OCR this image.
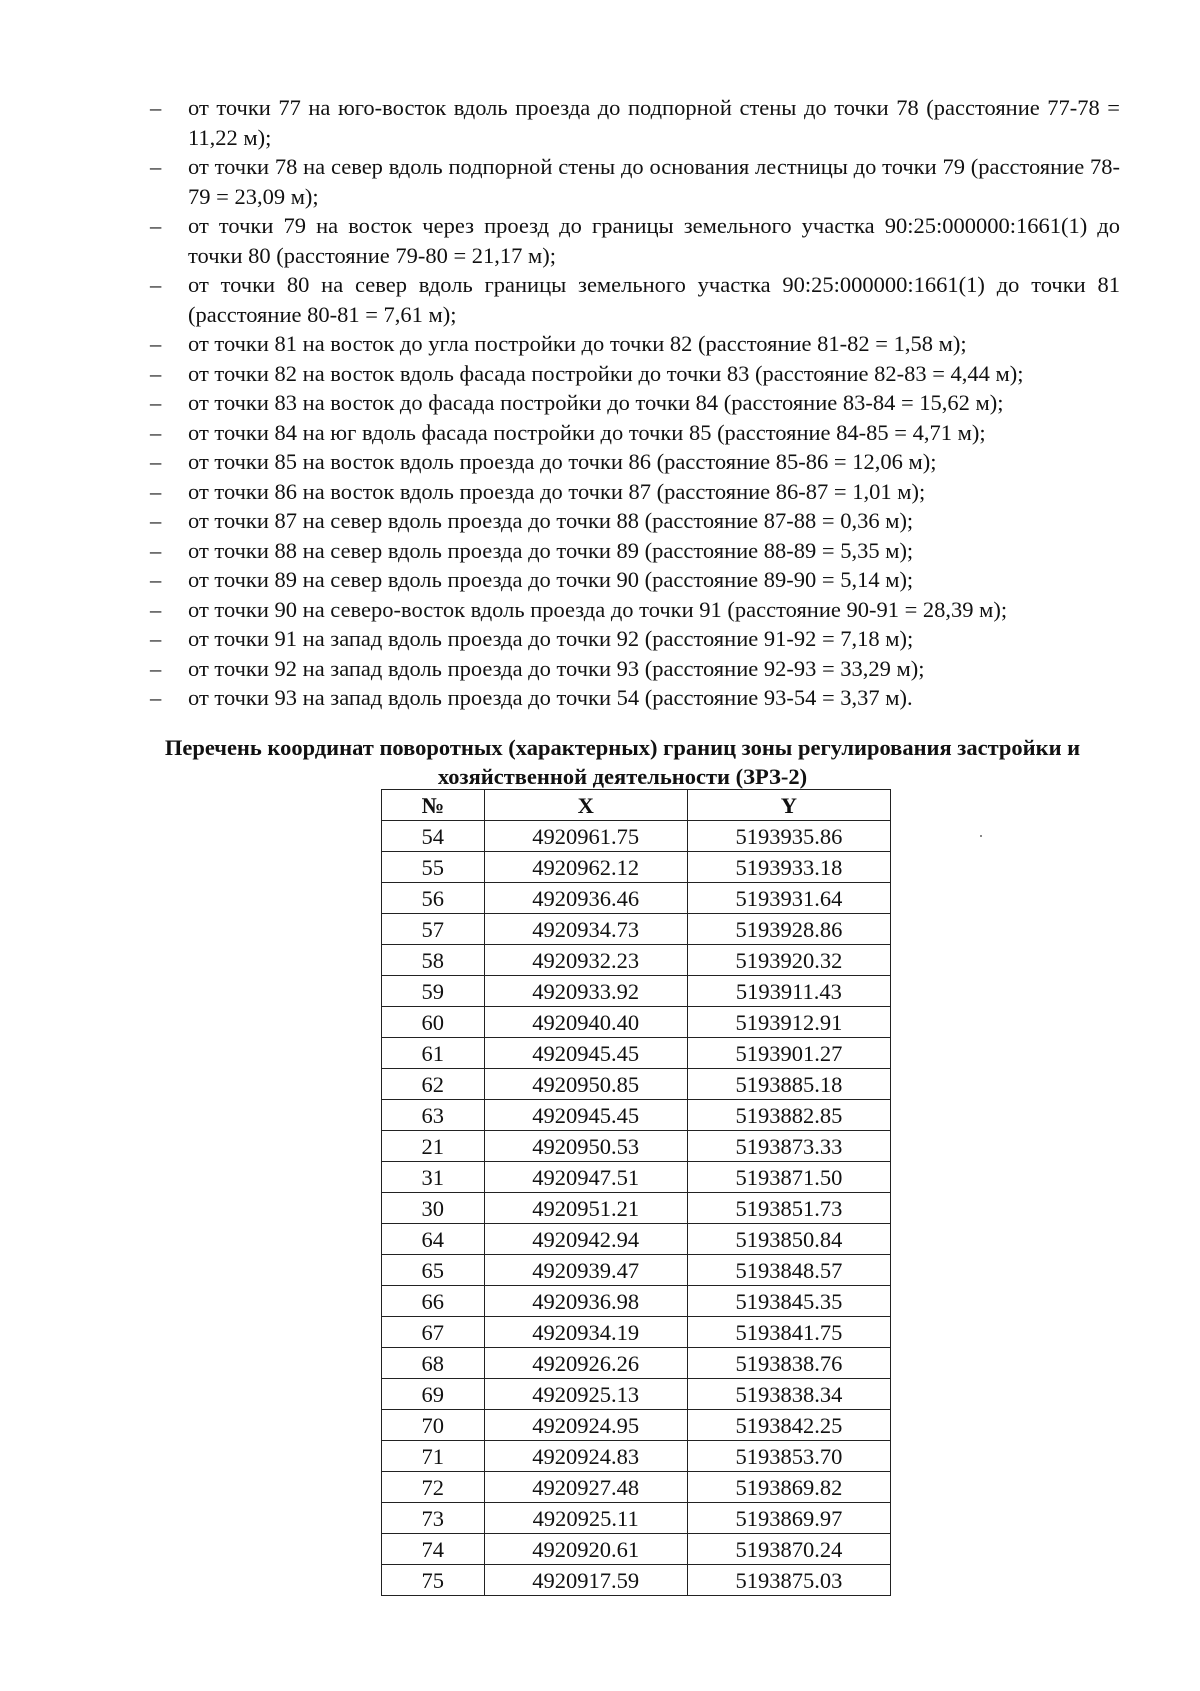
–	от точки 77 на юго-восток вдоль проезда до подпорной стены до точки 78 (расстояние 77-78 = 11,22 м);
–	от точки 78 на север вдоль подпорной стены до основания лестницы до точки 79 (расстояние 78-79 = 23,09 м);
–	от точки 79 на восток через проезд до границы земельного участка 90:25:000000:1661(1) до точки 80 (расстояние 79-80 = 21,17 м);
–	от точки 80 на север вдоль границы земельного участка 90:25:000000:1661(1) до точки 81 (расстояние 80-81 = 7,61 м);
–	от точки 81 на восток до угла постройки до точки 82 (расстояние 81-82 = 1,58 м);
–	от точки 82 на восток вдоль фасада постройки до точки 83 (расстояние 82-83 = 4,44 м);
–	от точки 83 на восток до фасада постройки до точки 84 (расстояние 83-84 = 15,62 м);
–	от точки 84 на юг вдоль фасада постройки до точки 85 (расстояние 84-85 = 4,71 м);
–	от точки 85 на восток вдоль проезда до точки 86 (расстояние 85-86 = 12,06 м);
–	от точки 86 на восток вдоль проезда до точки 87 (расстояние 86-87 = 1,01 м);
–	от точки 87 на север вдоль проезда до точки 88 (расстояние 87-88 = 0,36 м);
–	от точки 88 на север вдоль проезда до точки 89 (расстояние 88-89 = 5,35 м);
–	от точки 89 на север вдоль проезда до точки 90 (расстояние 89-90 = 5,14 м);
–	от точки 90 на северо-восток вдоль проезда до точки 91 (расстояние 90-91 = 28,39 м);
–	от точки 91 на запад вдоль проезда до точки 92 (расстояние 91-92 = 7,18 м);
–	от точки 92 на запад вдоль проезда до точки 93 (расстояние 92-93 = 33,29 м);
–	от точки 93 на запад вдоль проезда до точки 54 (расстояние 93-54 = 3,37 м).
Перечень координат поворотных (характерных) границ зоны регулирования застройки и хозяйственной деятельности (ЗРЗ-2)
№	X	Y
54	4920961.75	5193935.86
55	4920962.12	5193933.18
56	4920936.46	5193931.64
57	4920934.73	5193928.86
58	4920932.23	5193920.32
59	4920933.92	5193911.43
60	4920940.40	5193912.91
61	4920945.45	5193901.27
62	4920950.85	5193885.18
63	4920945.45	5193882.85
21	4920950.53	5193873.33
31	4920947.51	5193871.50
30	4920951.21	5193851.73
64	4920942.94	5193850.84
65	4920939.47	5193848.57
66	4920936.98	5193845.35
67	4920934.19	5193841.75
68	4920926.26	5193838.76
69	4920925.13	5193838.34
70	4920924.95	5193842.25
71	4920924.83	5193853.70
72	4920927.48	5193869.82
73	4920925.11	5193869.97
74	4920920.61	5193870.24
75	4920917.59	5193875.03
